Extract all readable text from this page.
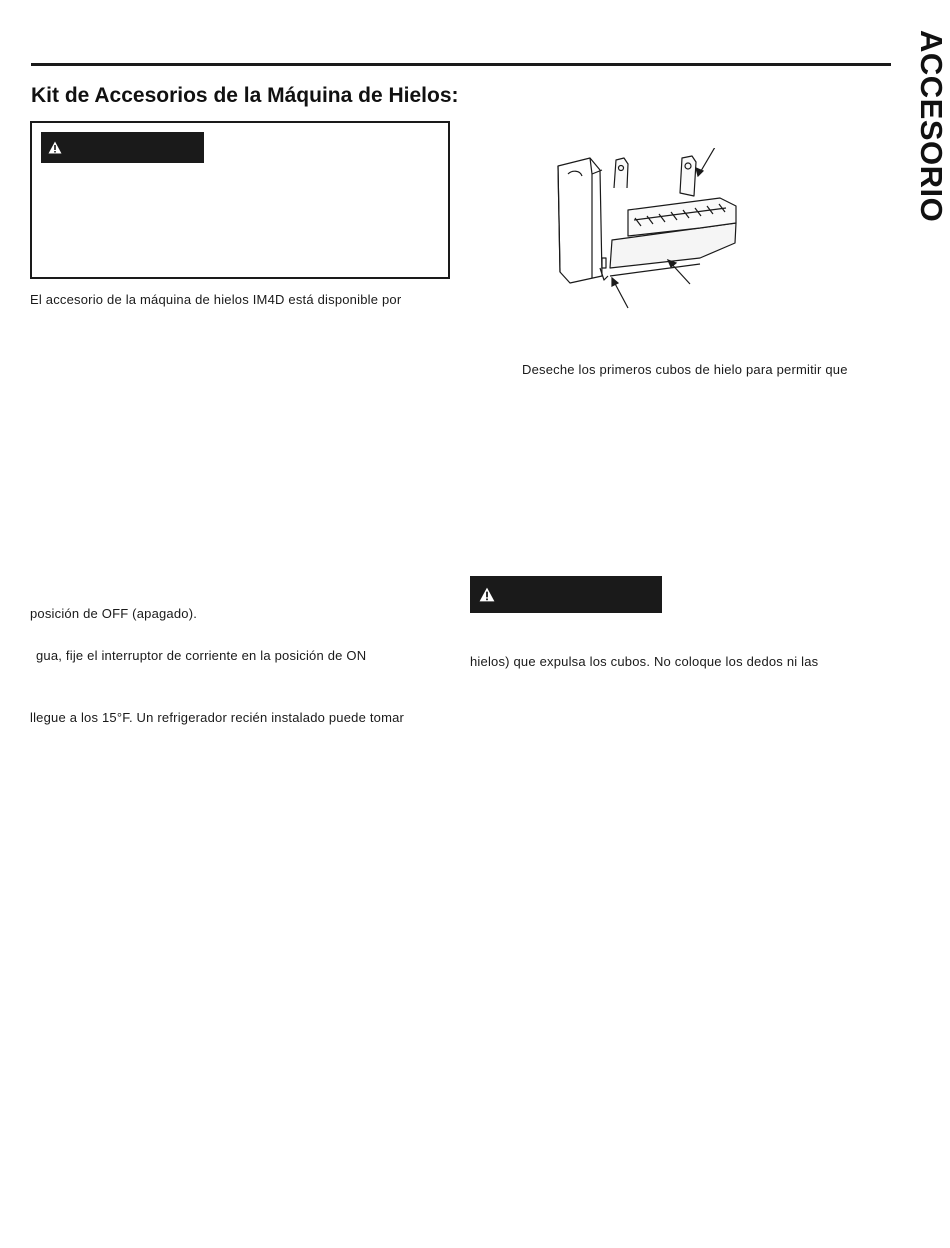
ACCESORIO
Kit de Accesorios de la Máquina de Hielos:
El accesorio de la máquina de hielos IM4D está disponible por
posición de OFF (apagado).
gua, fije el interruptor de corriente en la posición de ON
llegue a los 15°F. Un refrigerador recién instalado puede tomar
Deseche los primeros cubos de hielo para permitir que
hielos) que expulsa los cubos. No coloque los dedos ni las
